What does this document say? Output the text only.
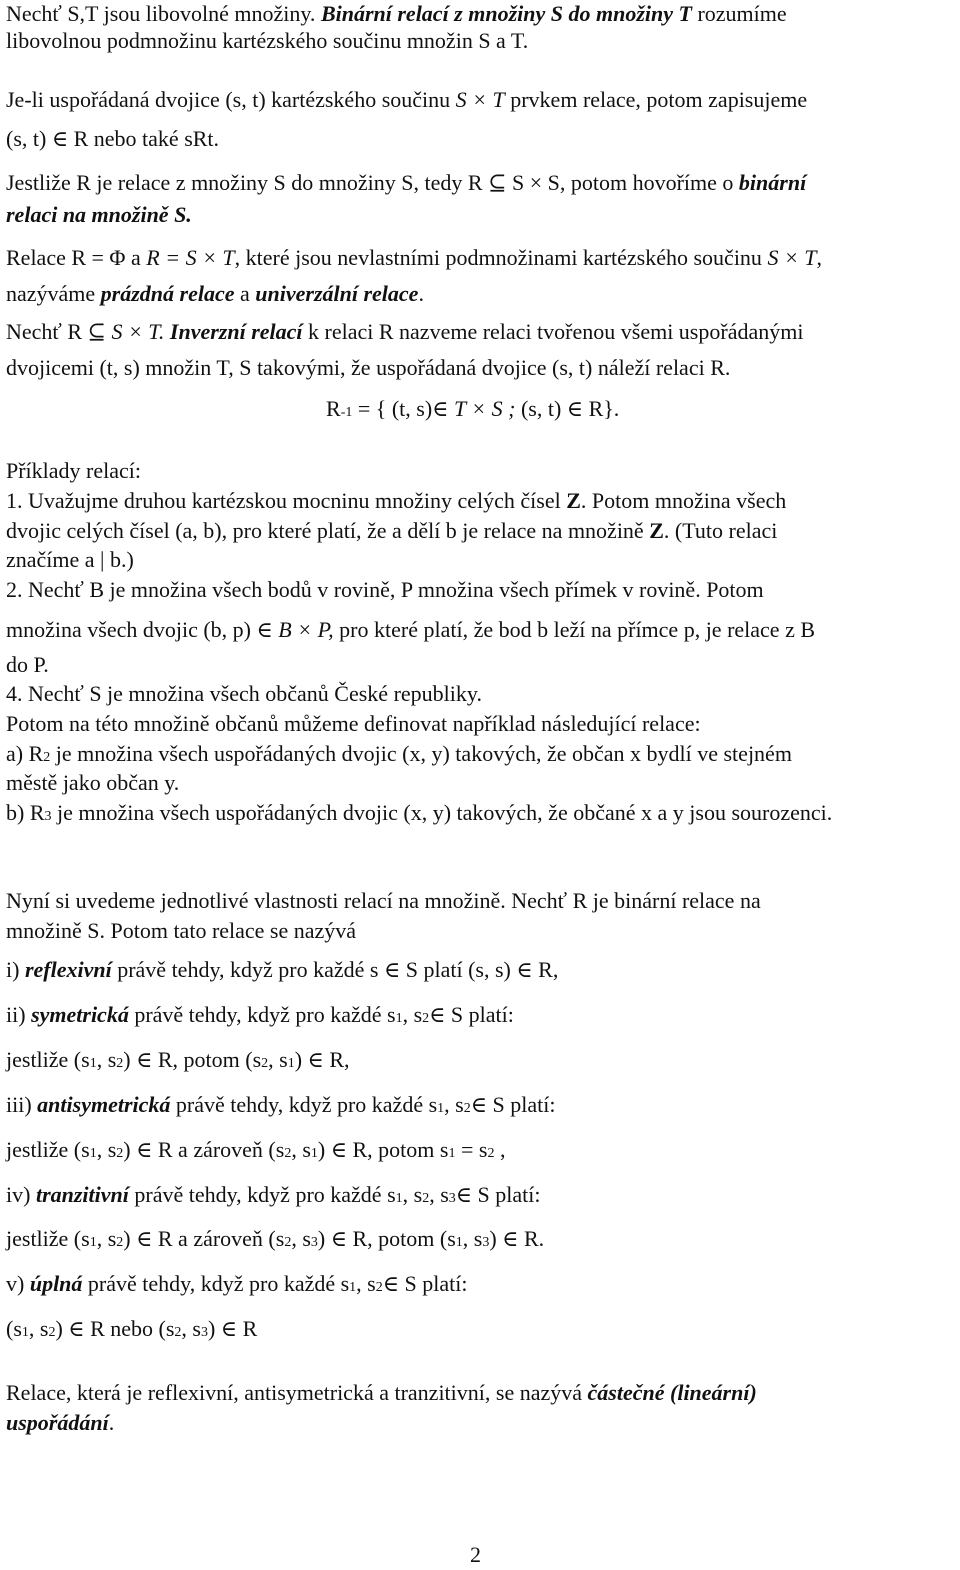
Nechť S,T jsou libovolné množiny. Binární relací z množiny S do množiny T rozumíme
libovolnou podmnožinu kartézského součinu množin S a T.
Je-li uspořádaná dvojice (s, t) kartézského součinu S × T prvkem relace, potom zapisujeme
(s, t) ∈ R nebo také sRt.
Jestliže R je relace z množiny S do množiny S, tedy R ⊆ S × S, potom hovoříme o binární
relaci na množině S.
Relace R = Φ a R = S × T, které jsou nevlastními podmnožinami kartézského součinu S × T,
nazýváme prázdná relace a univerzální relace.
Nechť R ⊆ S × T. Inverzní relací k relaci R nazveme relaci tvořenou všemi uspořádanými
dvojicemi (t, s) množin T, S takovými, že uspořádaná dvojice (s, t) náleží relaci R.
R-1 = { (t, s)∈ T × S ; (s, t) ∈ R}.
Příklady relací:
1. Uvažujme druhou kartézskou mocninu množiny celých čísel Z. Potom množina všech
dvojic celých čísel (a, b), pro které platí, že a dělí b je relace na množině Z. (Tuto relaci
značíme a | b.)
2. Nechť B je množina všech bodů v rovině, P množina všech přímek v rovině. Potom
množina všech dvojic (b, p) ∈ B × P, pro které platí, že bod b leží na přímce p, je relace z B
do P.
4. Nechť S je množina všech občanů České republiky.
Potom na této množině občanů můžeme definovat například následující relace:
a) R2 je množina všech uspořádaných dvojic (x, y) takových, že občan x bydlí ve stejném
městě jako občan y.
b) R3 je množina všech uspořádaných dvojic (x, y) takových, že občané x a y jsou sourozenci.
Nyní si uvedeme jednotlivé vlastnosti relací na množině. Nechť R je binární relace na
množině S. Potom tato relace se nazývá
i) reflexivní právě tehdy, když pro každé s ∈ S platí (s, s) ∈ R,
ii) symetrická právě tehdy, když pro každé s1, s2∈ S platí:
jestliže (s1, s2) ∈ R, potom (s2, s1) ∈ R,
iii) antisymetrická právě tehdy, když pro každé s1, s2∈ S platí:
jestliže (s1, s2) ∈ R a zároveň (s2, s1) ∈ R, potom s1 = s2 ,
iv) tranzitivní právě tehdy, když pro každé s1, s2, s3∈ S platí:
jestliže (s1, s2) ∈ R a zároveň (s2, s3) ∈ R, potom (s1, s3) ∈ R.
v) úplná právě tehdy, když pro každé s1, s2∈ S platí:
(s1, s2) ∈ R nebo (s2, s3) ∈ R
Relace, která je reflexivní, antisymetrická a tranzitivní, se nazývá částečné (lineární)
uspořádání.
2
